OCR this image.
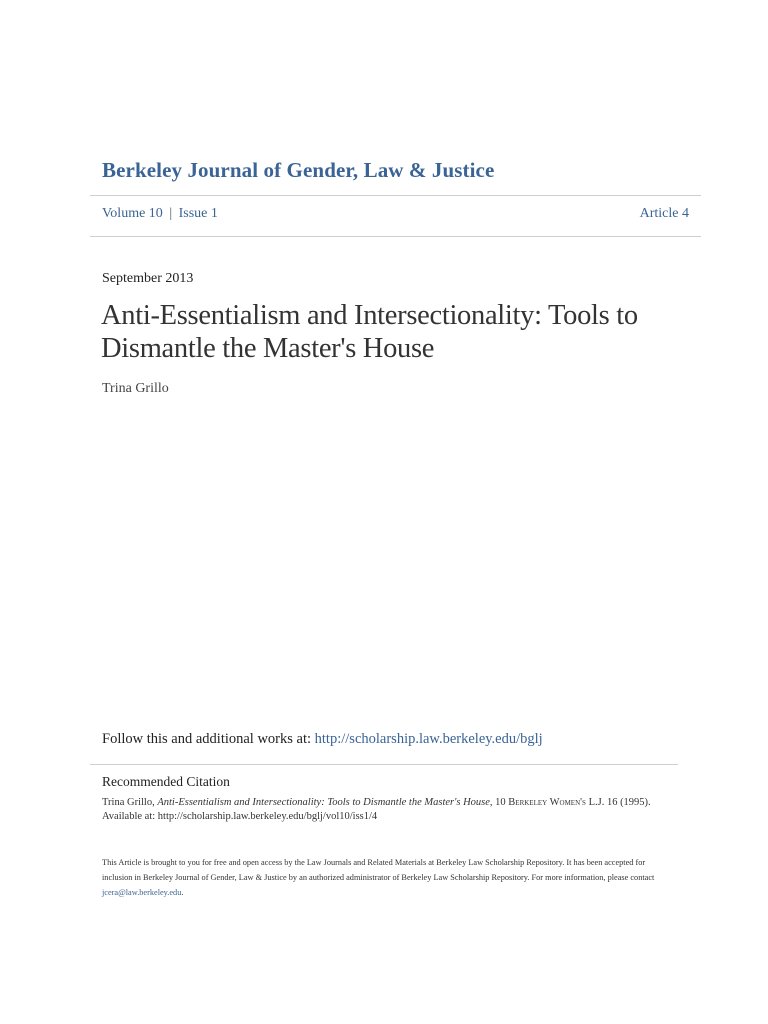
Berkeley Journal of Gender, Law & Justice
Volume 10 | Issue 1	Article 4
September 2013
Anti-Essentialism and Intersectionality: Tools to Dismantle the Master's House
Trina Grillo
Follow this and additional works at: http://scholarship.law.berkeley.edu/bglj
Recommended Citation
Trina Grillo, Anti-Essentialism and Intersectionality: Tools to Dismantle the Master's House, 10 Berkeley Women's L.J. 16 (1995).
Available at: http://scholarship.law.berkeley.edu/bglj/vol10/iss1/4
This Article is brought to you for free and open access by the Law Journals and Related Materials at Berkeley Law Scholarship Repository. It has been accepted for inclusion in Berkeley Journal of Gender, Law & Justice by an authorized administrator of Berkeley Law Scholarship Repository. For more information, please contact jcera@law.berkeley.edu.
